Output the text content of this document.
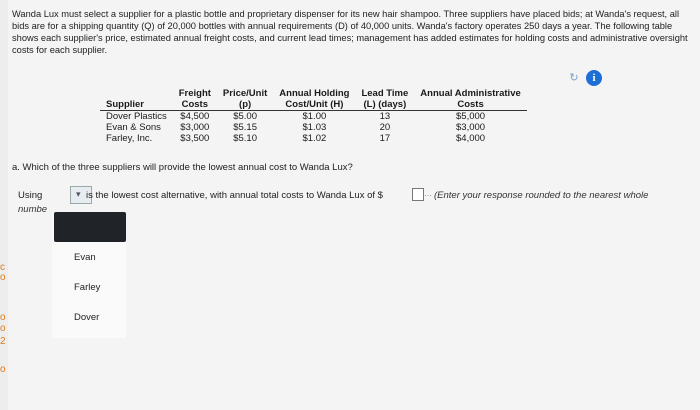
c
o
o
o
2
o
Wanda Lux must select a supplier for a plastic bottle and proprietary dispenser for its new hair shampoo. Three suppliers have placed bids; at Wanda's request, all bids are for a shipping quantity (Q) of 20,000 bottles with annual requirements (D) of 40,000 units. Wanda's factory operates 250 days a year. The following table shows each supplier's price, estimated annual freight costs, and current lead times; management has added estimates for holding costs and administrative oversight costs for each supplier.
↻	i
	Freight	Price/Unit	Annual Holding	Lead Time	Annual Administrative
Supplier	Costs	(p)	Cost/Unit (H)	(L) (days)	Costs
Dover Plastics	$4,500	$5.00	$1.00	13	$5,000
Evan & Sons	$3,000	$5.15	$1.03	20	$3,000
Farley, Inc.	$3,500	$5.10	$1.02	17	$4,000
a. Which of the three suppliers will provide the lowest annual cost to Wanda Lux?
Using	▾ is the lowest cost alternative, with annual total costs to Wanda Lux of $	… (Enter your response rounded to the nearest whole
numbe
Evan
Farley
Dover
